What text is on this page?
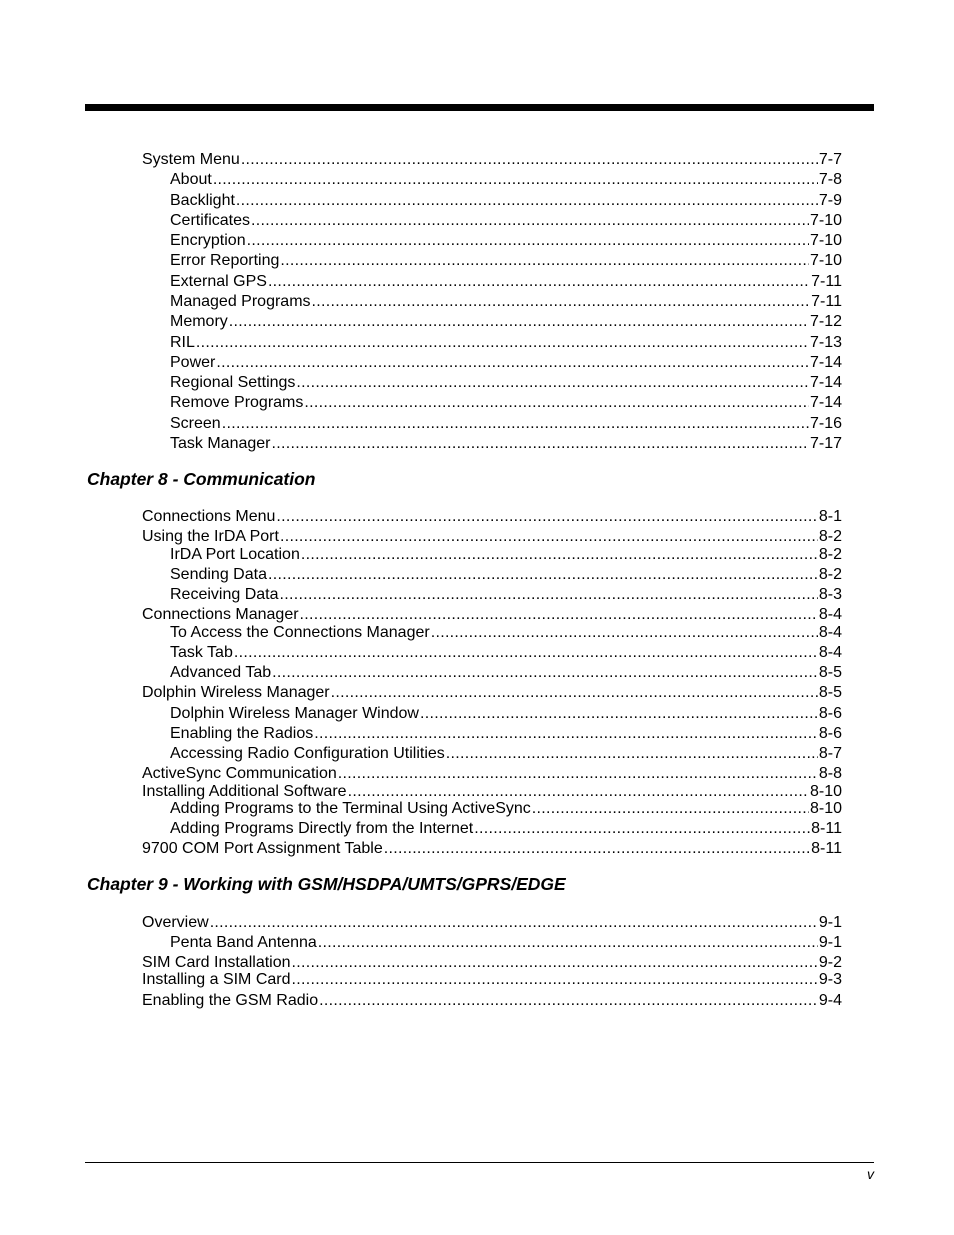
System Menu .....	7-7
About .....	7-8
Backlight .....	7-9
Certificates .....	7-10
Encryption .....	7-10
Error Reporting .....	7-10
External GPS .....	7-11
Managed Programs .....	7-11
Memory .....	7-12
RIL .....	7-13
Power .....	7-14
Regional Settings .....	7-14
Remove Programs .....	7-14
Screen .....	7-16
Task Manager .....	7-17
Chapter 8 - Communication
Connections Menu .....	8-1
Using the IrDA Port .....	8-2
IrDA Port Location .....	8-2
Sending Data .....	8-2
Receiving Data .....	8-3
Connections Manager .....	8-4
To Access the Connections Manager .....	8-4
Task Tab .....	8-4
Advanced Tab .....	8-5
Dolphin Wireless Manager .....	8-5
Dolphin Wireless Manager Window .....	8-6
Enabling the Radios .....	8-6
Accessing Radio Configuration Utilities .....	8-7
ActiveSync Communication .....	8-8
Installing Additional Software .....	8-10
Adding Programs to the Terminal Using ActiveSync .....	8-10
Adding Programs Directly from the Internet .....	8-11
9700 COM Port Assignment Table .....	8-11
Chapter 9 - Working with GSM/HSDPA/UMTS/GPRS/EDGE
Overview .....	9-1
Penta Band Antenna .....	9-1
SIM Card Installation .....	9-2
Installing a SIM Card .....	9-3
Enabling the GSM Radio .....	9-4
v
